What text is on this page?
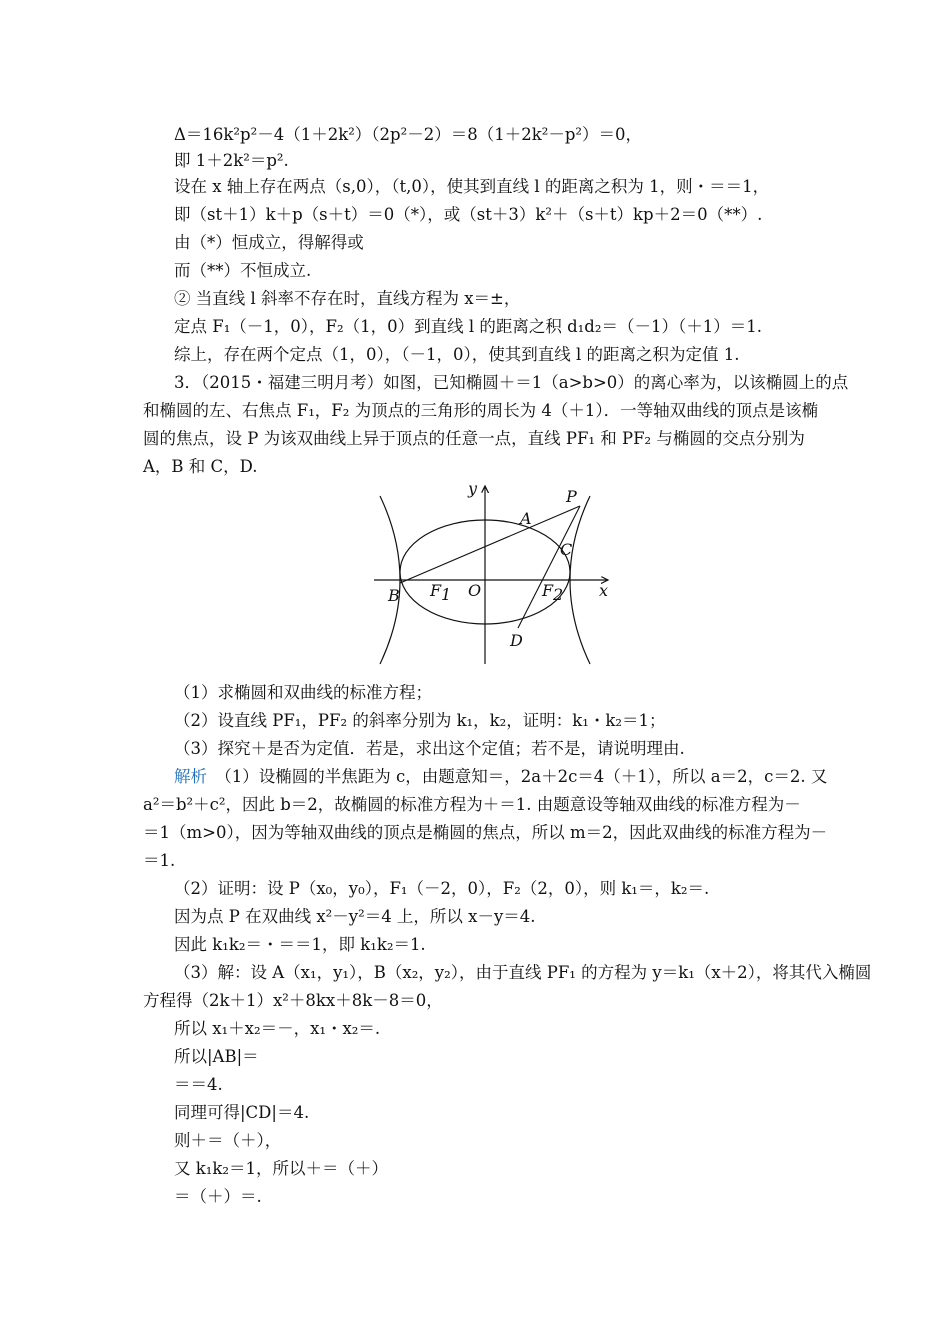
Δ＝16k²p²－4（1＋2k²）（2p²－2）＝8（1＋2k²－p²）＝0，
即 1＋2k²＝p².
设在 x 轴上存在两点（s,0），（t,0），使其到直线 l 的距离之积为 1，则・＝＝1，
即（st＋1）k＋p（s＋t）＝0（*），或（st＋3）k²＋（s＋t）kp＋2＝0（**）.
由（*）恒成立，得解得或
而（**）不恒成立.
② 当直线 l 斜率不存在时，直线方程为 x＝±，
定点 F₁（－1，0），F₂（1，0）到直线 l 的距离之积 d₁d₂＝（－1）（＋1）＝1.
综上，存在两个定点（1，0），（－1，0），使其到直线 l 的距离之积为定值 1.
3．（2015・福建三明月考）如图，已知椭圆＋＝1（a>b>0）的离心率为，以该椭圆上的点
和椭圆的左、右焦点 F₁，F₂ 为顶点的三角形的周长为 4（＋1）．一等轴双曲线的顶点是该椭
圆的焦点，设 P 为该双曲线上异于顶点的任意一点，直线 PF₁ 和 PF₂ 与椭圆的交点分别为
A，B 和 C，D.
y
x
P
A
C
B F 1 O	F 2
D
（1）求椭圆和双曲线的标准方程；
（2）设直线 PF₁，PF₂ 的斜率分别为 k₁，k₂，证明：k₁・k₂＝1；
（3）探究＋是否为定值．若是，求出这个定值；若不是，请说明理由.
解析　（1）设椭圆的半焦距为 c，由题意知＝，2a＋2c＝4（＋1），所以 a＝2，c＝2. 又
a²＝b²＋c²，因此 b＝2，故椭圆的标准方程为＋＝1. 由题意设等轴双曲线的标准方程为－
＝1（m>0），因为等轴双曲线的顶点是椭圆的焦点，所以 m＝2，因此双曲线的标准方程为－
＝1.
（2）证明：设 P（x₀，y₀），F₁（－2，0），F₂（2，0），则 k₁＝，k₂＝.
因为点 P 在双曲线 x²－y²＝4 上，所以 x－y＝4.
因此 k₁k₂＝・＝＝1，即 k₁k₂＝1.
（3）解：设 A（x₁，y₁），B（x₂，y₂），由于直线 PF₁ 的方程为 y＝k₁（x＋2），将其代入椭圆
方程得（2k＋1）x²＋8kx＋8k－8＝0，
所以 x₁＋x₂＝－，x₁・x₂＝.
所以|AB|＝
＝＝4.
同理可得|CD|＝4.
则＋＝（＋），
又 k₁k₂＝1，所以＋＝（＋）
＝（＋）＝.
